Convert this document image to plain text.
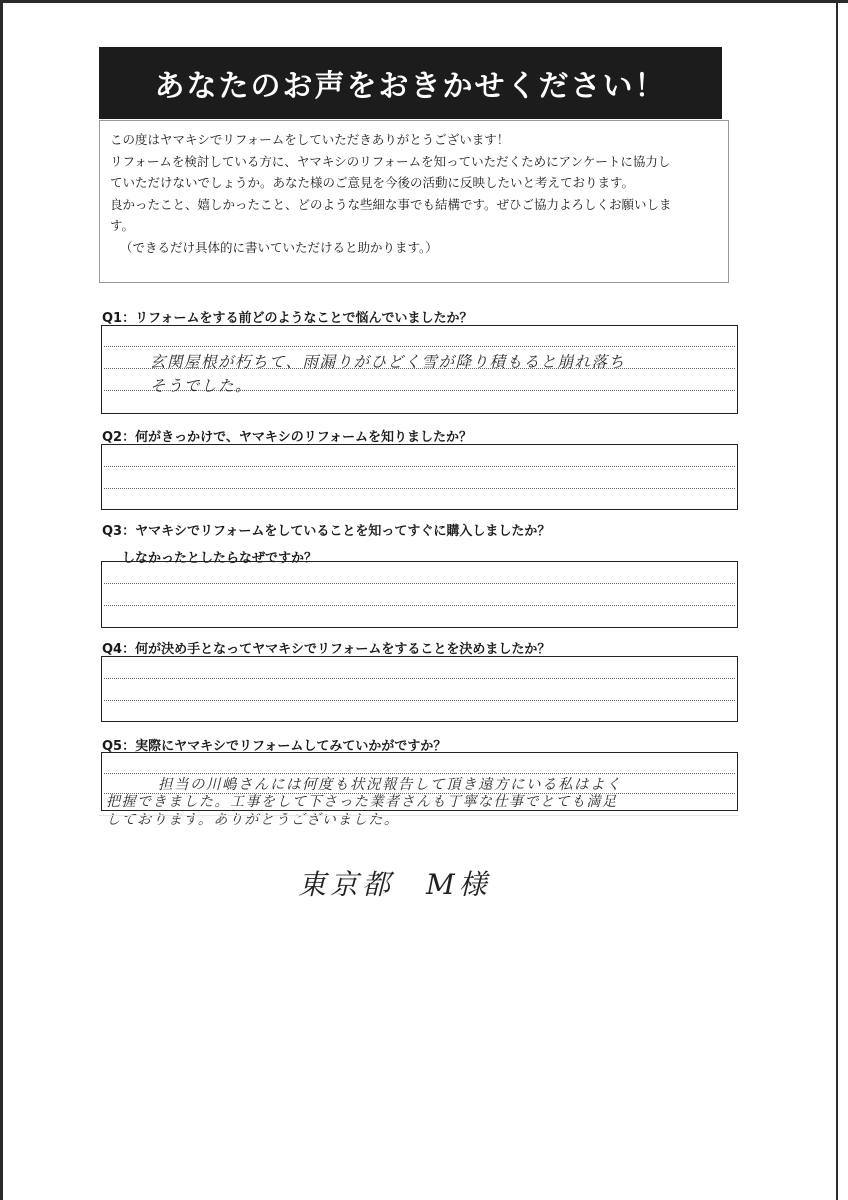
あなたのお声をおきかせください！

この度はヤマキシでリフォームをしていただきありがとうございます！

リフォームを検討している方に、ヤマキシのリフォームを知っていただくためにアンケートに協力し

ていただけないでしょうか。あなた様のご意見を今後の活動に反映したいと考えております。

良かったこと、嬉しかったこと、どのような些細な事でも結構です。ぜひご協力よろしくお願いしま

す。

（できるだけ具体的に書いていただけると助かります。）

Q1：リフォームをする前どのようなことで悩んでいましたか？
玄関屋根が朽ちて、雨漏りがひどく雪が降り積もると崩れ落ち
そうでした。
Q2：何がきっかけで、ヤマキシのリフォームを知りましたか？
Q3：ヤマキシでリフォームをしていることを知ってすぐに購入しましたか？
しなかったとしたらなぜですか？
Q4：何が決め手となってヤマキシでリフォームをすることを決めましたか？
Q5：実際にヤマキシでリフォームしてみていかがですか？
担当の川嶋さんには何度も状況報告して頂き遠方にいる私はよく
把握できました。工事をして下さった業者さんも丁寧な仕事でとても満足
しております。ありがとうございました。
東京都　M様
